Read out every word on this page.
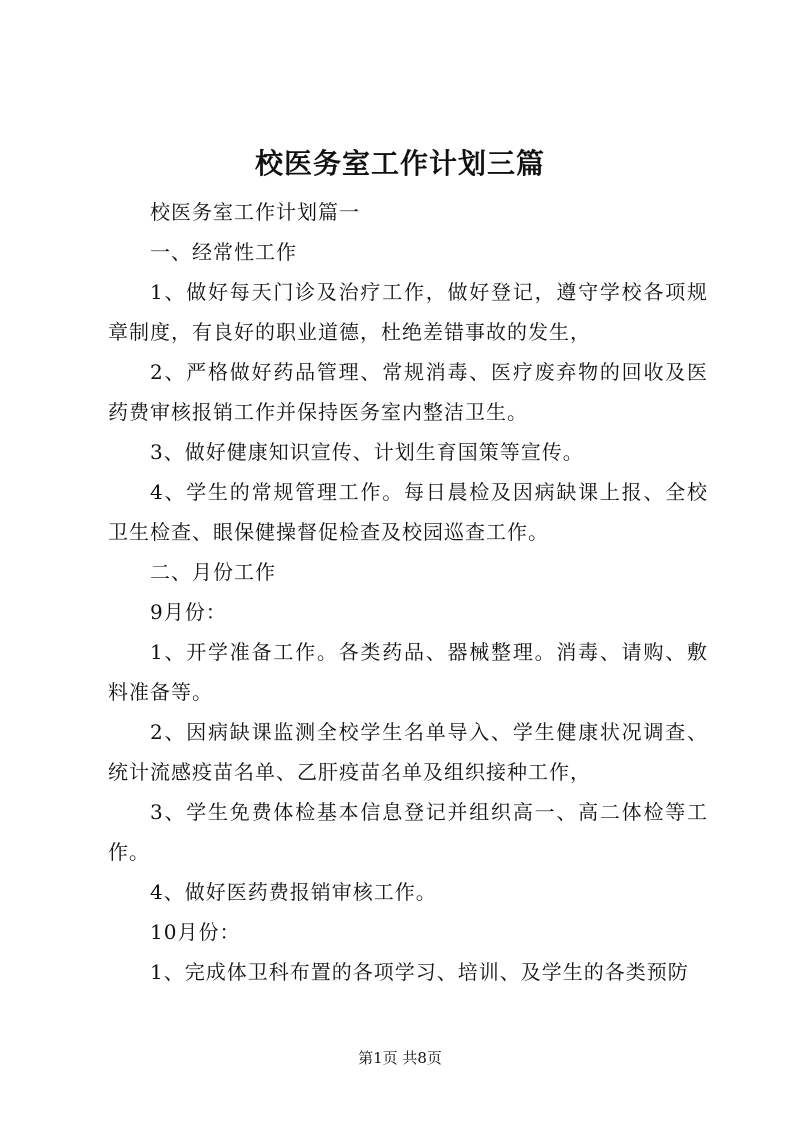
校医务室工作计划三篇

校医务室工作计划篇一

一、经常性工作

1、做好每天门诊及治疗工作，做好登记，遵守学校各项规章制度，有良好的职业道德，杜绝差错事故的发生，

2、严格做好药品管理、常规消毒、医疗废弃物的回收及医药费审核报销工作并保持医务室内整洁卫生。

3、做好健康知识宣传、计划生育国策等宣传。

4、学生的常规管理工作。每日晨检及因病缺课上报、全校卫生检查、眼保健操督促检查及校园巡查工作。

二、月份工作

9月份：

1、开学准备工作。各类药品、器械整理。消毒、请购、敷料准备等。

2、因病缺课监测全校学生名单导入、学生健康状况调查、统计流感疫苗名单、乙肝疫苗名单及组织接种工作，

3、学生免费体检基本信息登记并组织高一、高二体检等工作。

4、做好医药费报销审核工作。

10月份：

1、完成体卫科布置的各项学习、培训、及学生的各类预防

第1页 共8页
